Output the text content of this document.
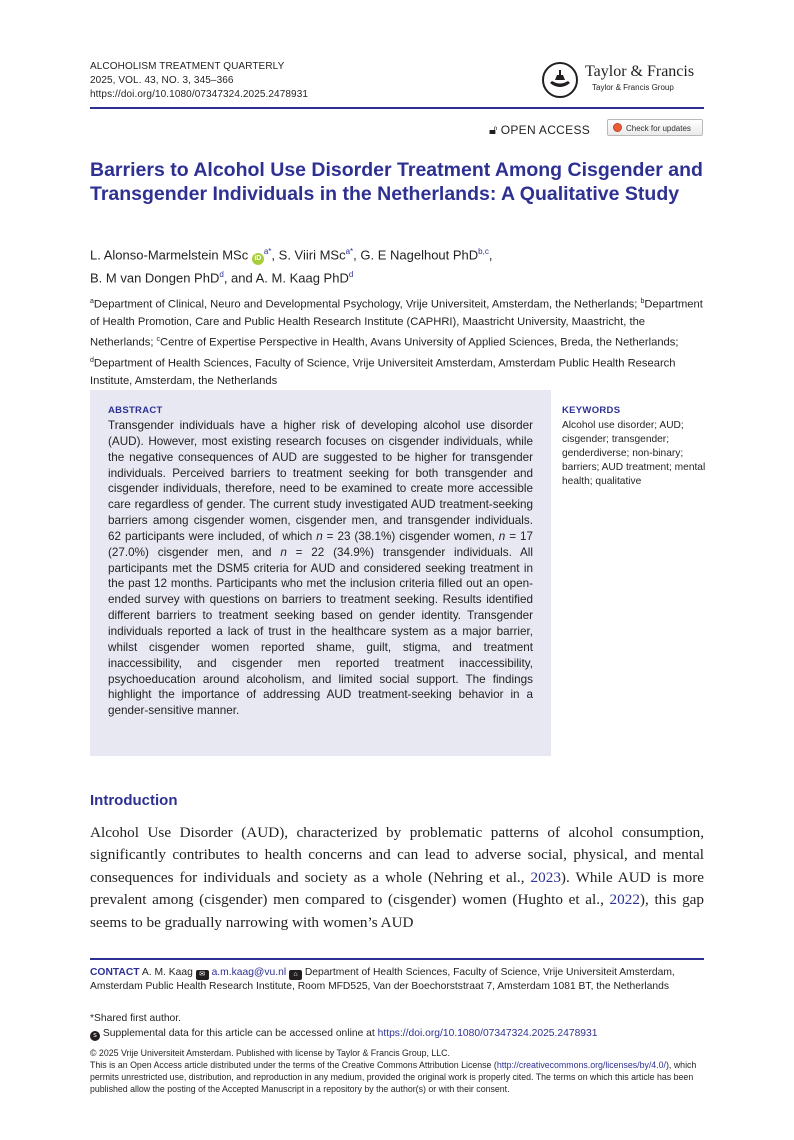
ALCOHOLISM TREATMENT QUARTERLY
2025, VOL. 43, NO. 3, 345–366
https://doi.org/10.1080/07347324.2025.2478931
Taylor & Francis
Taylor & Francis Group
🔓︎ OPEN ACCESS	Check for updates
Barriers to Alcohol Use Disorder Treatment Among Cisgender and Transgender Individuals in the Netherlands: A Qualitative Study
L. Alonso-Marmelstein MSc $iD^{a*}$, S. Viiri MSc$^{a*}$, G. E Nagelhout PhD$^{b,c}$,
B. M van Dongen PhD$^d$, and A. M. Kaag PhD$^d$
$^a$Department of Clinical, Neuro and Developmental Psychology, Vrije Universiteit, Amsterdam, the Netherlands; $^b$Department of Health Promotion, Care and Public Health Research Institute (CAPHRI), Maastricht University, Maastricht, the Netherlands; $^c$Centre of Expertise Perspective in Health, Avans University of Applied Sciences, Breda, the Netherlands; $^d$Department of Health Sciences, Faculty of Science, Vrije Universiteit Amsterdam, Amsterdam Public Health Research Institute, Amsterdam, the Netherlands
ABSTRACT
Transgender individuals have a higher risk of developing alcohol use disorder (AUD). However, most existing research focuses on cisgender individuals, while the negative consequences of AUD are suggested to be higher for transgender individuals. Perceived barriers to treatment seeking for both transgender and cisgender individuals, therefore, need to be examined to create more accessible care regardless of gender. The current study investigated AUD treatment-seeking barriers among cisgender women, cisgender men, and transgender individuals. 62 participants were included, of which n = 23 (38.1%) cisgender women, n = 17 (27.0%) cisgender men, and n = 22 (34.9%) transgender individuals. All participants met the DSM5 criteria for AUD and considered seeking treatment in the past 12 months. Participants who met the inclusion criteria filled out an open-ended survey with questions on barriers to treatment seeking. Results identified different barriers to treatment seeking based on gender identity. Transgender individuals reported a lack of trust in the healthcare system as a major barrier, whilst cisgender women reported shame, guilt, stigma, and treatment inaccessibility, and cisgender men reported treatment inaccessibility, psychoeducation around alcoholism, and limited social support. The findings highlight the importance of addressing AUD treatment-seeking behavior in a gender-sensitive manner.
KEYWORDS
Alcohol use disorder; AUD; cisgender; transgender; genderdiverse; non-binary; barriers; AUD treatment; mental health; qualitative
Introduction
Alcohol Use Disorder (AUD), characterized by problematic patterns of alcohol consumption, significantly contributes to health concerns and can lead to adverse social, physical, and mental consequences for individuals and society as a whole (Nehring et al., 2023). While AUD is more prevalent among (cisgender) men compared to (cisgender) women (Hughto et al., 2022), this gap seems to be gradually narrowing with women’s AUD
CONTACT A. M. Kaag ✉ a.m.kaag@vu.nl ⌂ Department of Health Sciences, Faculty of Science, Vrije Universiteit Amsterdam, Amsterdam Public Health Research Institute, Room MFD525, Van der Boechorststraat 7, Amsterdam 1081 BT, the Netherlands
*Shared first author.
s Supplemental data for this article can be accessed online at https://doi.org/10.1080/07347324.2025.2478931
© 2025 Vrije Universiteit Amsterdam. Published with license by Taylor & Francis Group, LLC.
This is an Open Access article distributed under the terms of the Creative Commons Attribution License (http://creativecommons.org/licenses/by/4.0/), which permits unrestricted use, distribution, and reproduction in any medium, provided the original work is properly cited. The terms on which this article has been published allow the posting of the Accepted Manuscript in a repository by the author(s) or with their consent.
